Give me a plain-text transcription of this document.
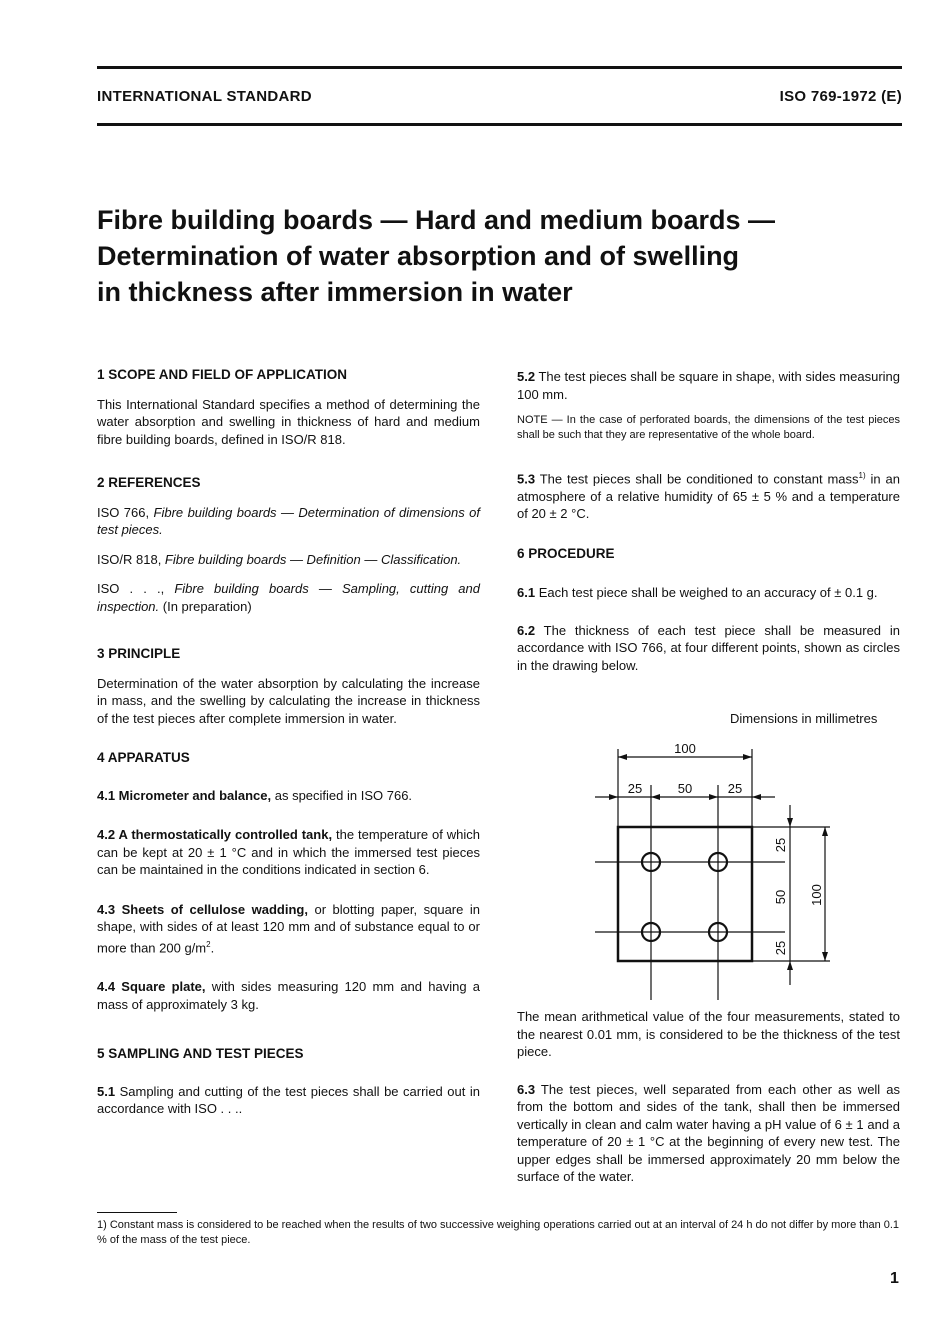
INTERNATIONAL STANDARD	ISO 769-1972 (E)
Fibre building boards — Hard and medium boards —
Determination of water absorption and of swelling
in thickness after immersion in water

1 SCOPE AND FIELD OF APPLICATION

This International Standard specifies a method of determining the water absorption and swelling in thickness of hard and medium fibre building boards, defined in ISO/R 818.

2 REFERENCES

ISO 766, Fibre building boards — Determination of dimensions of test pieces.

ISO/R 818, Fibre building boards — Definition — Classification.

ISO . . ., Fibre building boards — Sampling, cutting and inspection. (In preparation)

3 PRINCIPLE

Determination of the water absorption by calculating the increase in mass, and the swelling by calculating the increase in thickness of the test pieces after complete immersion in water.

4 APPARATUS

4.1 Micrometer and balance, as specified in ISO 766.

4.2 A thermostatically controlled tank, the temperature of which can be kept at 20 ± 1 °C and in which the immersed test pieces can be maintained in the conditions indicated in section 6.

4.3 Sheets of cellulose wadding, or blotting paper, square in shape, with sides of at least 120 mm and of substance equal to or more than 200 $g/m^2$.

4.4 Square plate, with sides measuring 120 mm and having a mass of approximately 3 kg.

5 SAMPLING AND TEST PIECES

5.1 Sampling and cutting of the test pieces shall be carried out in accordance with ISO . . ..

5.2 The test pieces shall be square in shape, with sides measuring 100 mm.

NOTE — In the case of perforated boards, the dimensions of the test pieces shall be such that they are representative of the whole board.

5.3 The test pieces shall be conditioned to constant mass$^{1)}$ in an atmosphere of a relative humidity of 65 ± 5 % and a temperature of 20 ± 2 °C.

6 PROCEDURE

6.1 Each test piece shall be weighed to an accuracy of ± 0.1 g.

6.2 The thickness of each test piece shall be measured in accordance with ISO 766, at four different points, shown as circles in the drawing below.

Dimensions in millimetres
100
25	50	25
25
50
25
100

The mean arithmetical value of the four measurements, stated to the nearest 0.01 mm, is considered to be the thickness of the test piece.

6.3 The test pieces, well separated from each other as well as from the bottom and sides of the tank, shall then be immersed vertically in clean and calm water having a pH value of 6 ± 1 and a temperature of 20 ± 1 °C at the beginning of every new test. The upper edges shall be immersed approximately 20 mm below the surface of the water.

1) Constant mass is considered to be reached when the results of two successive weighing operations carried out at an interval of 24 h do not differ by more than 0.1 % of the mass of the test piece.
1
